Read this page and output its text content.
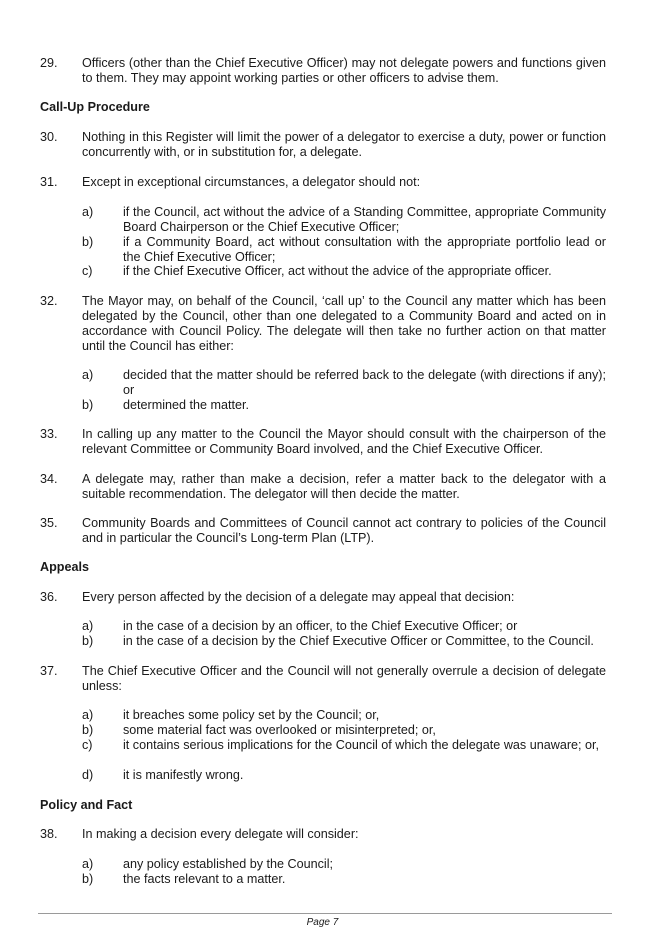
29.	Officers (other than the Chief Executive Officer) may not delegate powers and functions given to them. They may appoint working parties or other officers to advise them.
Call-Up Procedure
30.	Nothing in this Register will limit the power of a delegator to exercise a duty, power or function concurrently with, or in substitution for, a delegate.
31.	Except in exceptional circumstances, a delegator should not:
a) if the Council, act without the advice of a Standing Committee, appropriate Community Board Chairperson or the Chief Executive Officer;
b) if a Community Board, act without consultation with the appropriate portfolio lead or the Chief Executive Officer;
c) if the Chief Executive Officer, act without the advice of the appropriate officer.
32.	The Mayor may, on behalf of the Council, ‘call up’ to the Council any matter which has been delegated by the Council, other than one delegated to a Community Board and acted on in accordance with Council Policy. The delegate will then take no further action on that matter until the Council has either:
a) decided that the matter should be referred back to the delegate (with directions if any); or
b) determined the matter.
33.	In calling up any matter to the Council the Mayor should consult with the chairperson of the relevant Committee or Community Board involved, and the Chief Executive Officer.
34.	A delegate may, rather than make a decision, refer a matter back to the delegator with a suitable recommendation. The delegator will then decide the matter.
35.	Community Boards and Committees of Council cannot act contrary to policies of the Council and in particular the Council’s Long-term Plan (LTP).
Appeals
36.	Every person affected by the decision of a delegate may appeal that decision:
a) in the case of a decision by an officer, to the Chief Executive Officer; or
b) in the case of a decision by the Chief Executive Officer or Committee, to the Council.
37.	The Chief Executive Officer and the Council will not generally overrule a decision of delegate unless:
a) it breaches some policy set by the Council; or,
b) some material fact was overlooked or misinterpreted; or,
c) it contains serious implications for the Council of which the delegate was unaware; or,
d) it is manifestly wrong.
Policy and Fact
38.	In making a decision every delegate will consider:
a) any policy established by the Council;
b) the facts relevant to a matter.
Page 7
